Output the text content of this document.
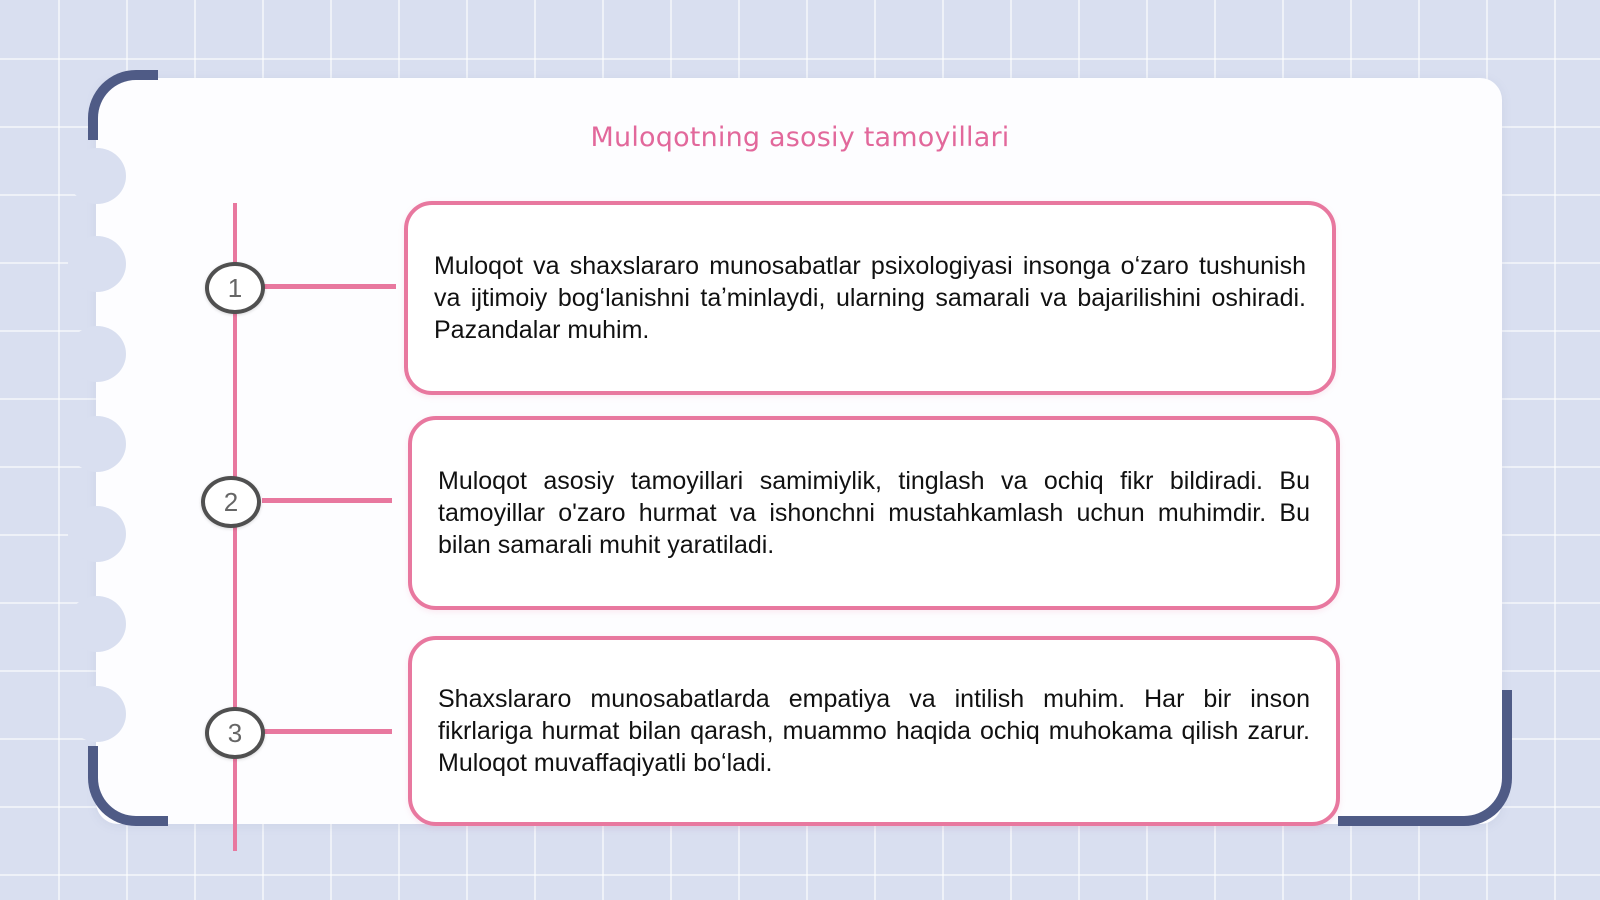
Muloqotning asosiy tamoyillari
1

Muloqot va shaxslararo munosabatlar psixologiyasi insonga oʻzaro tushunish va ijtimoiy bogʻlanishni taʼminlaydi, ularning samarali va bajarilishini oshiradi. Pazandalar muhim.

2

Muloqot asosiy tamoyillari samimiylik, tinglash va ochiq fikr bildiradi. Bu tamoyillar o'zaro hurmat va ishonchni mustahkamlash uchun muhimdir. Bu bilan samarali muhit yaratiladi.

3

Shaxslararo munosabatlarda empatiya va intilish muhim. Har bir inson fikrlariga hurmat bilan qarash, muammo haqida ochiq muhokama qilish zarur. Muloqot muvaffaqiyatli boʻladi.
